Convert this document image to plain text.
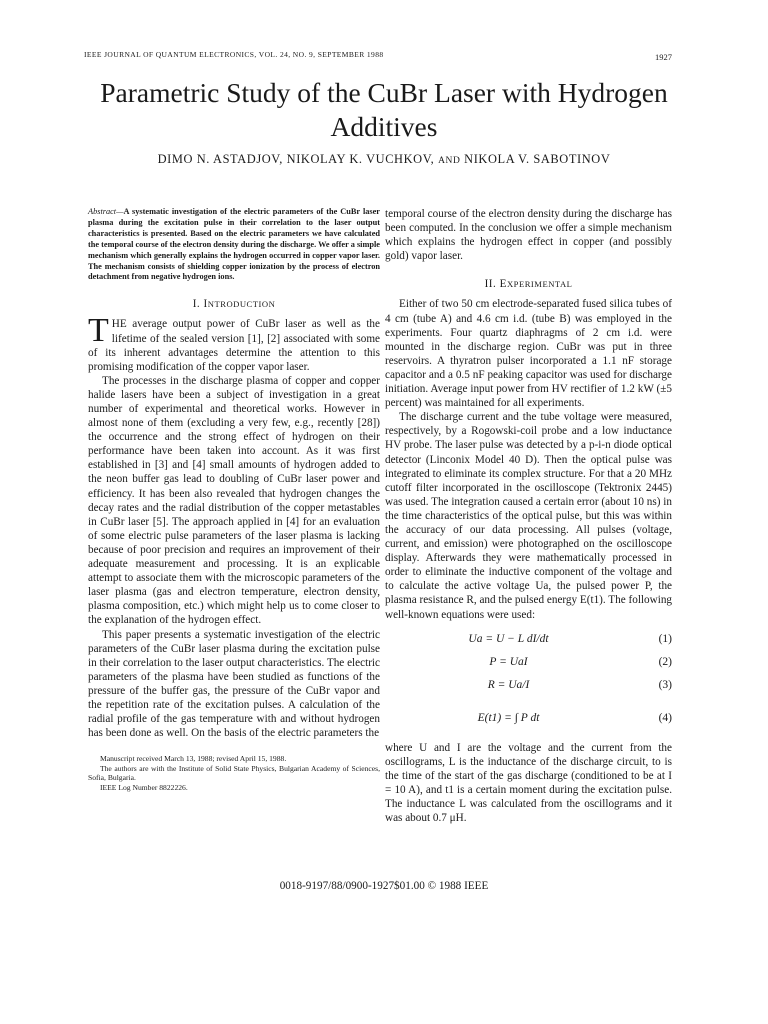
IEEE JOURNAL OF QUANTUM ELECTRONICS, VOL. 24, NO. 9, SEPTEMBER 1988	1927
Parametric Study of the CuBr Laser with Hydrogen Additives
DIMO N. ASTADJOV, NIKOLAY K. VUCHKOV, AND NIKOLA V. SABOTINOV
Abstract—A systematic investigation of the electric parameters of the CuBr laser plasma during the excitation pulse in their correlation to the laser output characteristics is presented. Based on the electric parameters we have calculated the temporal course of the electron density during the discharge. We offer a simple mechanism which generally explains the hydrogen occurred in copper vapor laser. The mechanism consists of shielding copper ionization by the process of electron detachment from negative hydrogen ions.
I. INTRODUCTION

THE average output power of CuBr laser as well as the lifetime of the sealed version [1], [2] associated with some of its inherent advantages determine the attention to this promising modification of the copper vapor laser.

The processes in the discharge plasma of copper and copper halide lasers have been a subject of investigation in a great number of experimental and theoretical works. However in almost none of them (excluding a very few, e.g., recently [28]) the occurrence and the strong effect of hydrogen on their performance have been taken into account. As it was first established in [3] and [4] small amounts of hydrogen added to the neon buffer gas lead to doubling of CuBr laser power and efficiency. It has been also revealed that hydrogen changes the decay rates and the radial distribution of the copper metastables in CuBr laser [5]. The approach applied in [4] for an evaluation of some electric pulse parameters of the laser plasma is lacking because of poor precision and requires an improvement of their adequate measurement and processing. It is an explicable attempt to associate them with the microscopic parameters of the laser plasma (gas and electron temperature, electron density, plasma composition, etc.) which might help us to come closer to the explanation of the hydrogen effect.

This paper presents a systematic investigation of the electric parameters of the CuBr laser plasma during the excitation pulse in their correlation to the laser output characteristics. The electric parameters of the plasma have been studied as functions of the pressure of the buffer gas, the pressure of the CuBr vapor and the repetition rate of the excitation pulses. A calculation of the radial profile of the gas temperature with and without hydrogen has been done as well. On the basis of the electric parameters the

Manuscript received March 13, 1988; revised April 15, 1988.
The authors are with the Institute of Solid State Physics, Bulgarian Academy of Sciences, Sofia, Bulgaria.
IEEE Log Number 8822226.

temporal course of the electron density during the discharge has been computed. In the conclusion we offer a simple mechanism which explains the hydrogen effect in copper (and possibly gold) vapor laser.

II. EXPERIMENTAL

Either of two 50 cm electrode-separated fused silica tubes of 4 cm (tube A) and 4.6 cm i.d. (tube B) was employed in the experiments. Four quartz diaphragms of 2 cm i.d. were mounted in the discharge region. CuBr was put in three reservoirs. A thyratron pulser incorporated a 1.1 nF storage capacitor and a 0.5 nF peaking capacitor was used for discharge initiation. Average input power from HV rectifier of 1.2 kW (±5 percent) was maintained for all experiments.

The discharge current and the tube voltage were measured, respectively, by a Rogowski-coil probe and a low inductance HV probe. The laser pulse was detected by a p-i-n diode optical detector (Linconix Model 40 D). Then the optical pulse was integrated to eliminate its complex structure. For that a 20 MHz cutoff filter incorporated in the oscilloscope (Tektronix 2445) was used. The integration caused a certain error (about 10 ns) in the time characteristics of the optical pulse, but this was within the accuracy of our data processing. All pulses (voltage, current, and emission) were photographed on the oscilloscope display. Afterwards they were mathematically processed in order to eliminate the inductive component of the voltage and to calculate the active voltage Ua, the pulsed power P, the plasma resistance R, and the pulsed energy E(t1). The following well-known equations were used:

Ua = U − L dI/dt	(1)
P = UaI	(2)
R = Ua/I	(3)
E(t1) = ∫ P dt	(4)

where U and I are the voltage and the current from the oscillograms, L is the inductance of the discharge circuit, to is the time of the start of the gas discharge (conditioned to be at I = 10 A), and t1 is a certain moment during the excitation pulse. The inductance L was calculated from the oscillograms and it was about 0.7 μH.

0018-9197/88/0900-1927$01.00 © 1988 IEEE
